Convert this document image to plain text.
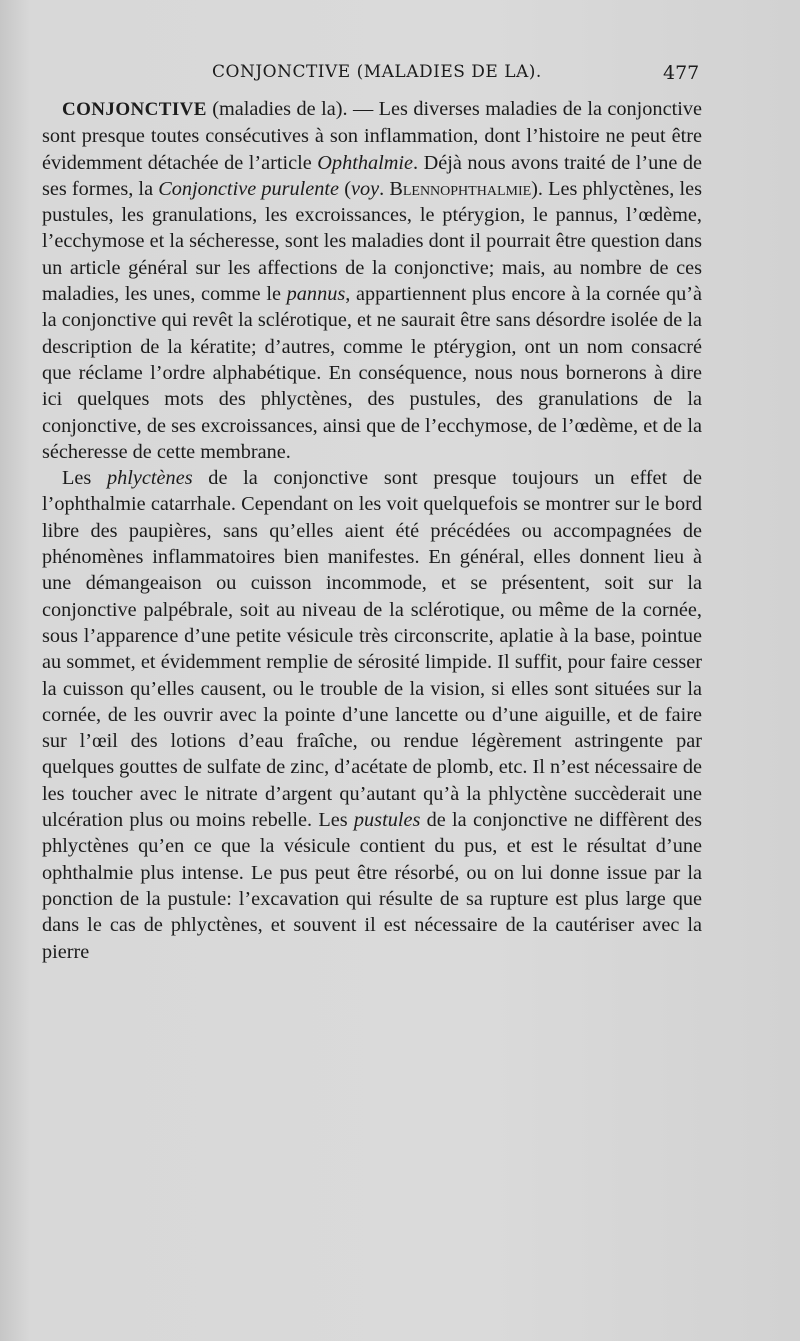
CONJONCTIVE (MALADIES DE LA).	477

CONJONCTIVE (maladies de la). — Les diverses maladies de la conjonctive sont presque toutes consécutives à son inflammation, dont l’histoire ne peut être évidemment détachée de l’article Ophthalmie. Déjà nous avons traité de l’une de ses formes, la Conjonctive purulente (voy. Blennophthalmie). Les phlyctènes, les pustules, les granulations, les excroissances, le ptérygion, le pannus, l’œdème, l’ecchymose et la sécheresse, sont les maladies dont il pourrait être question dans un article général sur les affections de la conjonctive; mais, au nombre de ces maladies, les unes, comme le pannus, appartiennent plus encore à la cornée qu’à la conjonctive qui revêt la sclérotique, et ne saurait être sans désordre isolée de la description de la kératite; d’autres, comme le ptérygion, ont un nom consacré que réclame l’ordre alphabétique. En conséquence, nous nous bornerons à dire ici quelques mots des phlyctènes, des pustules, des granulations de la conjonctive, de ses excroissances, ainsi que de l’ecchymose, de l’œdème, et de la sécheresse de cette membrane.

Les phlyctènes de la conjonctive sont presque toujours un effet de l’ophthalmie catarrhale. Cependant on les voit quelquefois se montrer sur le bord libre des paupières, sans qu’elles aient été précédées ou accompagnées de phénomènes inflammatoires bien manifestes. En général, elles donnent lieu à une démangeaison ou cuisson incommode, et se présentent, soit sur la conjonctive palpébrale, soit au niveau de la sclérotique, ou même de la cornée, sous l’apparence d’une petite vésicule très circonscrite, aplatie à la base, pointue au sommet, et évidemment remplie de sérosité limpide. Il suffit, pour faire cesser la cuisson qu’elles causent, ou le trouble de la vision, si elles sont situées sur la cornée, de les ouvrir avec la pointe d’une lancette ou d’une aiguille, et de faire sur l’œil des lotions d’eau fraîche, ou rendue légèrement astringente par quelques gouttes de sulfate de zinc, d’acétate de plomb, etc. Il n’est nécessaire de les toucher avec le nitrate d’argent qu’autant qu’à la phlyctène succèderait une ulcération plus ou moins rebelle. Les pustules de la conjonctive ne diffèrent des phlyctènes qu’en ce que la vésicule contient du pus, et est le résultat d’une ophthalmie plus intense. Le pus peut être résorbé, ou on lui donne issue par la ponction de la pustule: l’excavation qui résulte de sa rupture est plus large que dans le cas de phlyctènes, et souvent il est nécessaire de la cautériser avec la pierre
